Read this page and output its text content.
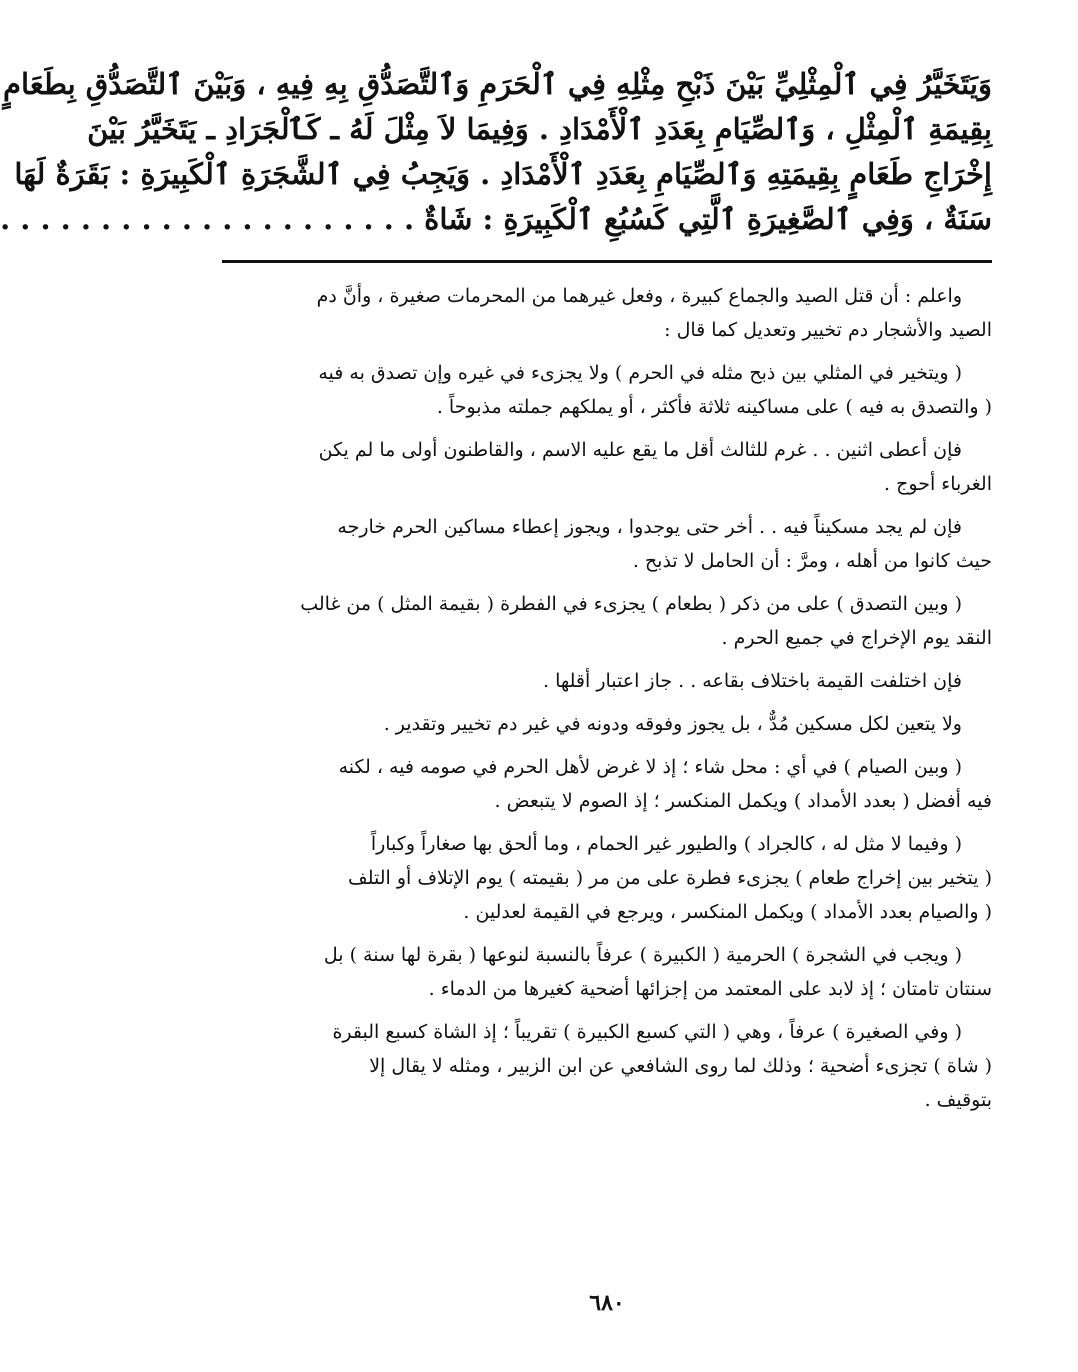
وَيَتَخَيَّرُ فِي ٱلْمِثْلِيِّ بَيْنَ ذَبْحِ مِثْلِهِ فِي ٱلْحَرَمِ وَٱلتَّصَدُّقِ بِهِ فِيهِ ، وَبَيْنَ ٱلتَّصَدُّقِ بِطَعَامٍ
بِقِيمَةِ ٱلْمِثْلِ ، وَٱلصِّيَامِ بِعَدَدِ ٱلْأَمْدَادِ . وَفِيمَا لاَ مِثْلَ لَهُ ـ كَٱلْجَرَادِ ـ يَتَخَيَّرُ بَيْنَ
إِخْرَاجِ طَعَامٍ بِقِيمَتِهِ وَٱلصِّيَامِ بِعَدَدِ ٱلْأَمْدَادِ . وَيَجِبُ فِي ٱلشَّجَرَةِ ٱلْكَبِيرَةِ : بَقَرَةٌ لَهَا
سَنَةٌ ، وَفِي ٱلصَّغِيرَةِ ٱلَّتِي كَسُبُعِ ٱلْكَبِيرَةِ : شَاةٌ . . . . . . . . . . . . . . . . . . . . .

واعلم : أن قتل الصيد والجماع كبيرة ، وفعل غيرهما من المحرمات صغيرة ، وأنَّ دم
الصيد والأشجار دم تخيير وتعديل كما قال :

( ويتخير في المثلي بين ذبح مثله في الحرم ) ولا يجزىء في غيره وإن تصدق به فيه
( والتصدق به فيه ) على مساكينه ثلاثة فأكثر ، أو يملكهم جملته مذبوحاً .

فإن أعطى اثنين . . غرم للثالث أقل ما يقع عليه الاسم ، والقاطنون أولى ما لم يكن
الغرباء أحوج .

فإن لم يجد مسكيناً فيه . . أخر حتى يوجدوا ، ويجوز إعطاء مساكين الحرم خارجه
حيث كانوا من أهله ، ومرَّ : أن الحامل لا تذبح .

( وبين التصدق ) على من ذكر ( بطعام ) يجزىء في الفطرة ( بقيمة المثل ) من غالب
النقد يوم الإخراج في جميع الحرم .

فإن اختلفت القيمة باختلاف بقاعه . . جاز اعتبار أقلها .

ولا يتعين لكل مسكين مُدٌّ ، بل يجوز وفوقه ودونه في غير دم تخيير وتقدير .

( وبين الصيام ) في أي : محل شاء ؛ إذ لا غرض لأهل الحرم في صومه فيه ، لكنه
فيه أفضل ( بعدد الأمداد ) ويكمل المنكسر ؛ إذ الصوم لا يتبعض .

( وفيما لا مثل له ، كالجراد ) والطيور غير الحمام ، وما ألحق بها صغاراً وكباراً
( يتخير بين إخراج طعام ) يجزىء فطرة على من مر ( بقيمته ) يوم الإتلاف أو التلف
( والصيام بعدد الأمداد ) ويكمل المنكسر ، ويرجع في القيمة لعدلين .

( ويجب في الشجرة ) الحرمية ( الكبيرة ) عرفاً بالنسبة لنوعها ( بقرة لها سنة ) بل
سنتان تامتان ؛ إذ لابد على المعتمد من إجزائها أضحية كغيرها من الدماء .

( وفي الصغيرة ) عرفاً ، وهي ( التي كسبع الكبيرة ) تقريباً ؛ إذ الشاة كسبع البقرة
( شاة ) تجزىء أضحية ؛ وذلك لما روى الشافعي عن ابن الزبير ، ومثله لا يقال إلا
بتوقيف .

٦٨٠
